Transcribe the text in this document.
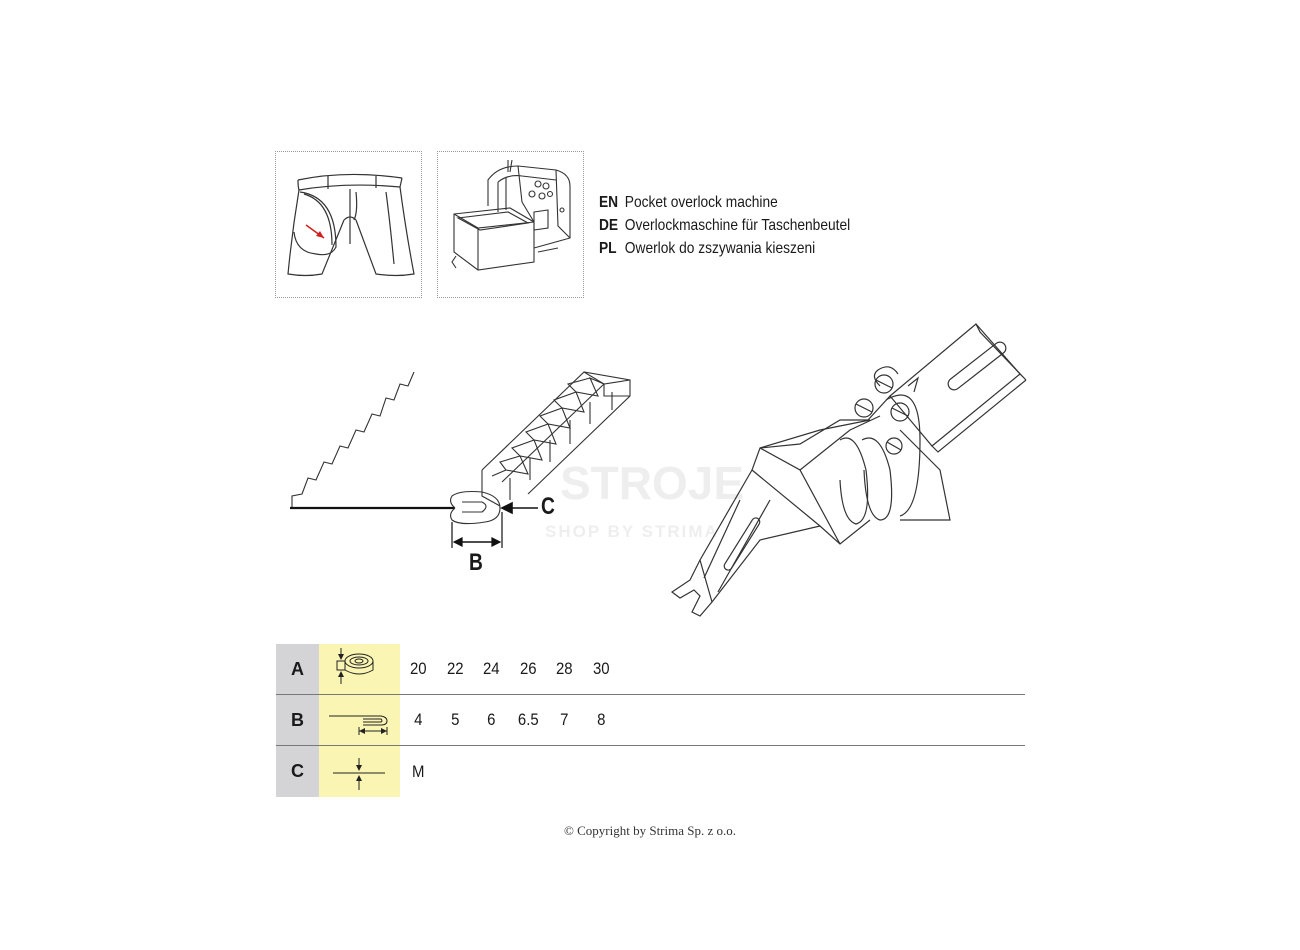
EN Pocket overlock machine
DE Overlockmaschine für Taschenbeutel
PL Owerlok do zszywania kieszeni
STROJE
SHOP BY STRIMA
B
C
A	20	22	24	26	28	30
B	4	5	6	6.5	7	8
C	M
© Copyright by Strima Sp. z o.o.
